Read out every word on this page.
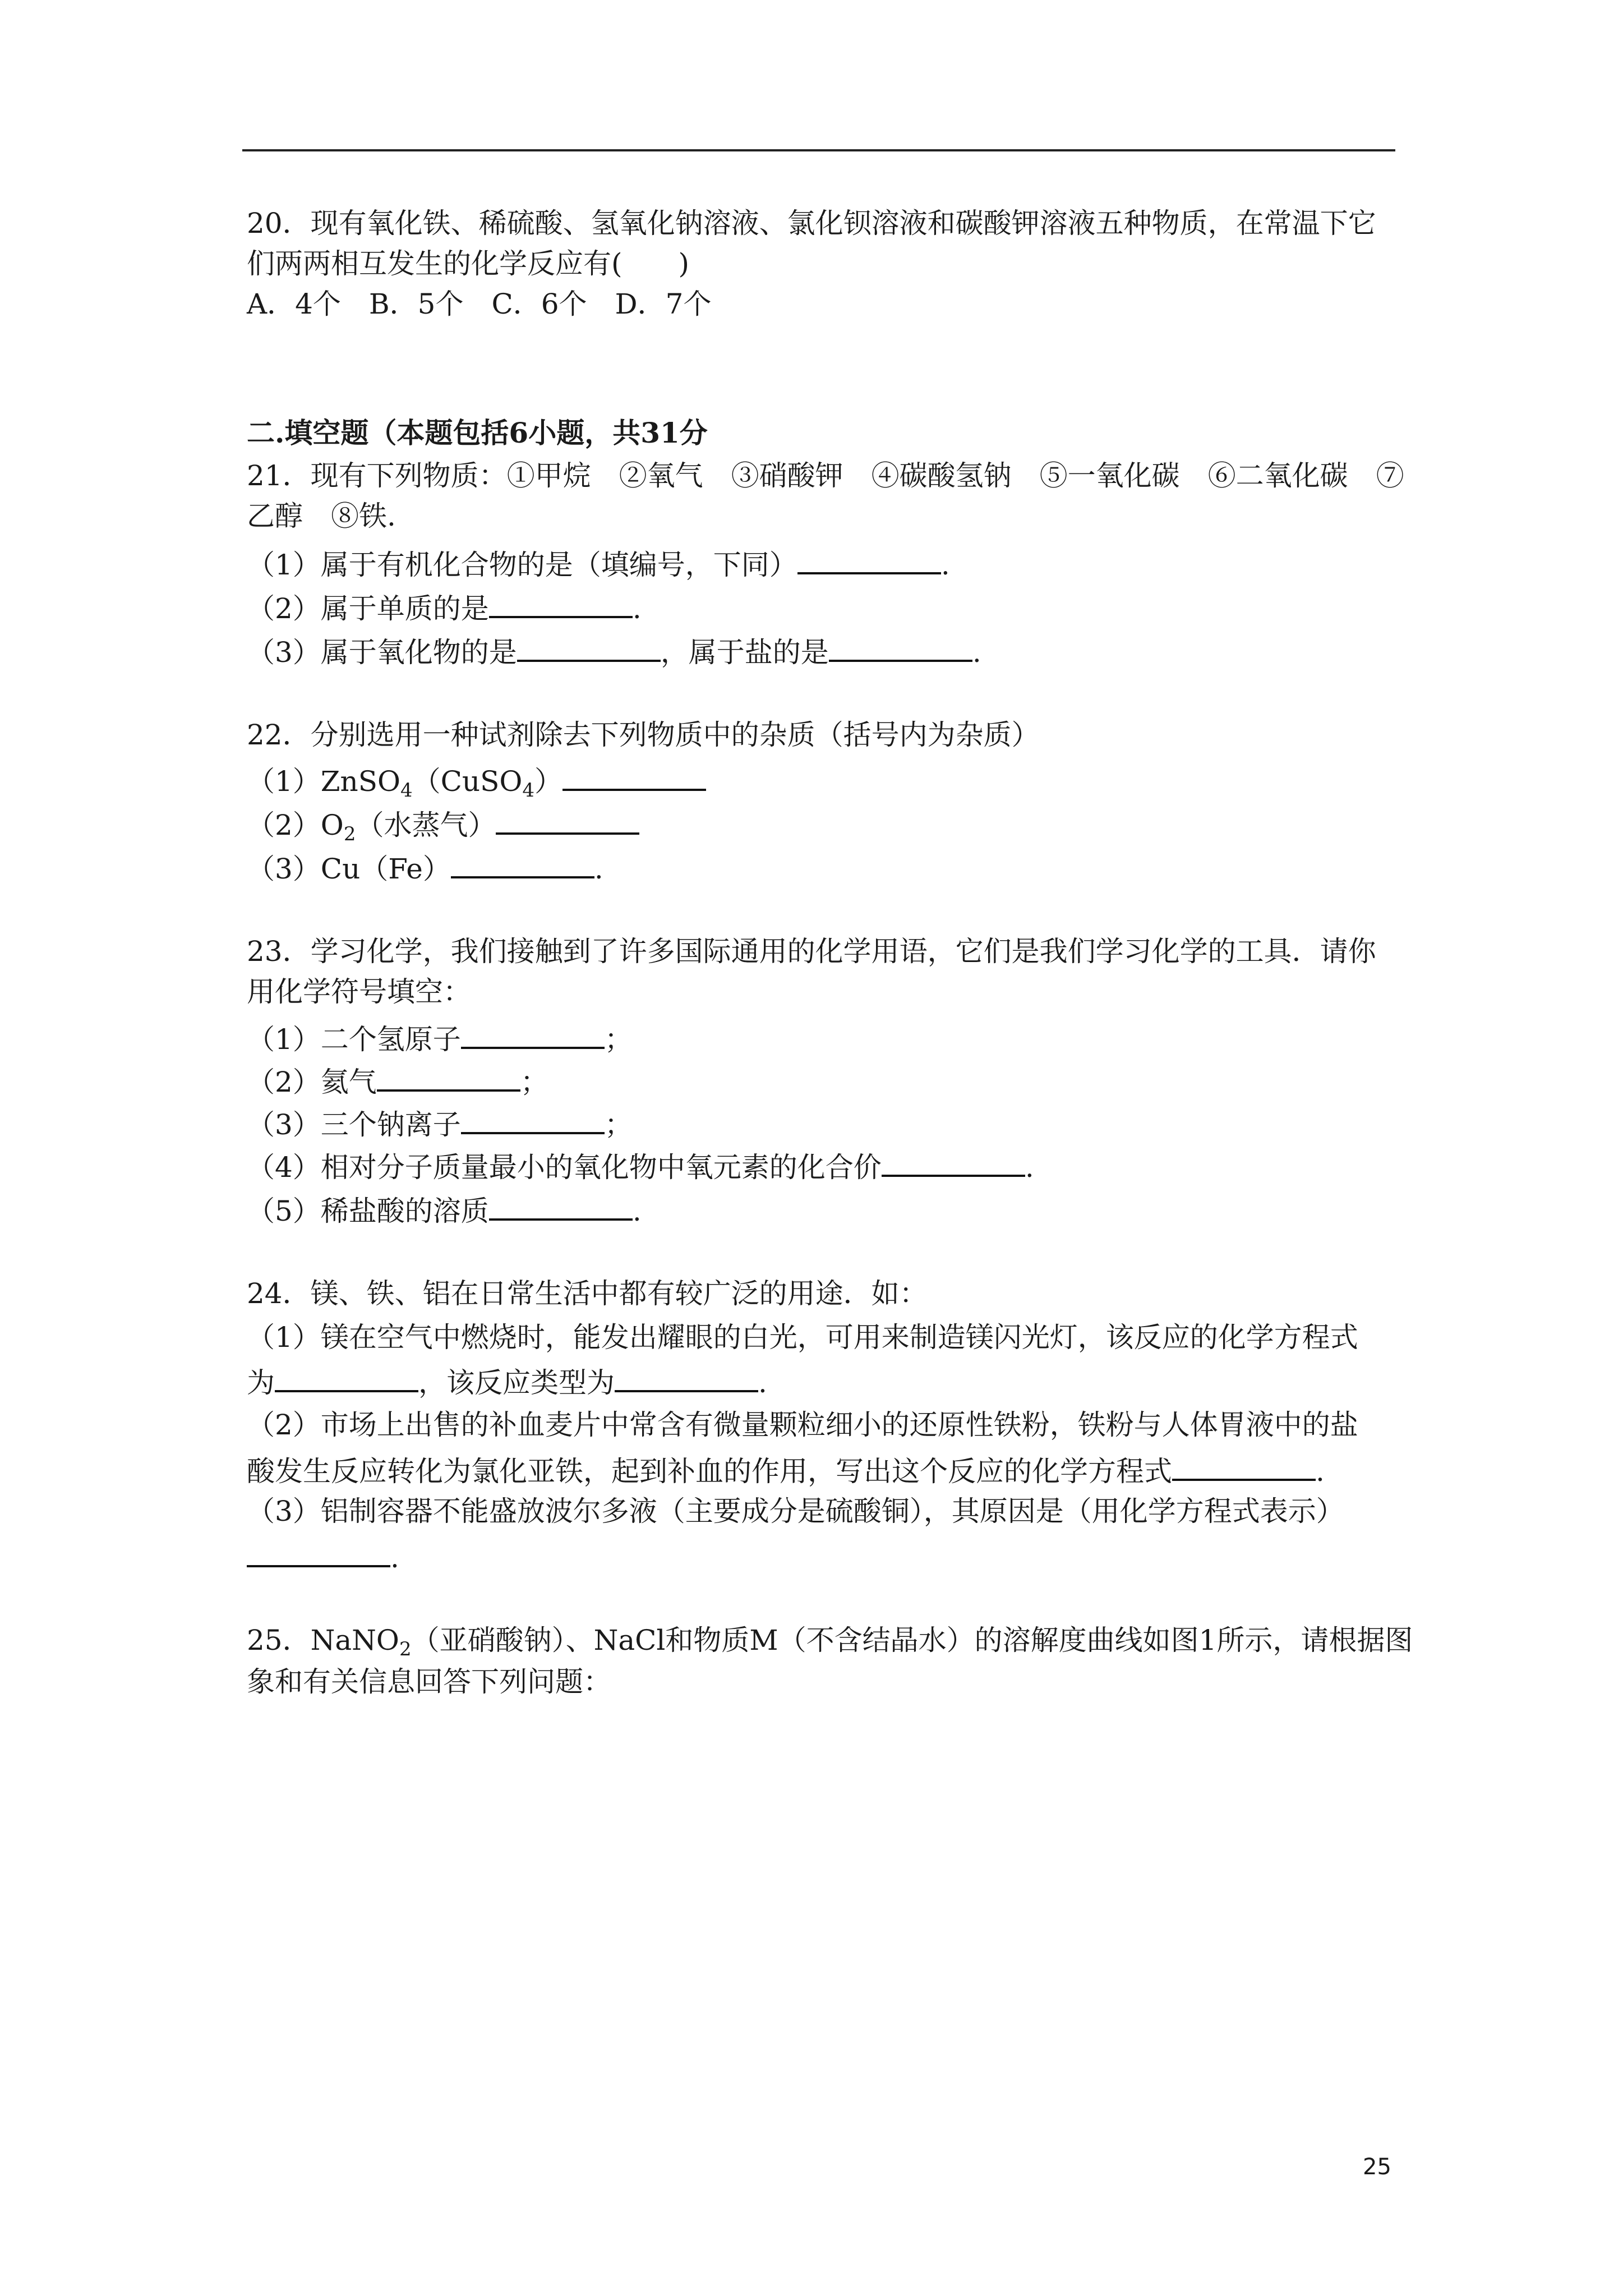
20．现有氧化铁、稀硫酸、氢氧化钠溶液、氯化钡溶液和碳酸钾溶液五种物质，在常温下它
们两两相互发生的化学反应有(　　)
A．4个　B．5个　C．6个　D．7个
二.填空题（本题包括6小题，共31分
21．现有下列物质：①甲烷　②氧气　③硝酸钾　④碳酸氢钠　⑤一氧化碳　⑥二氧化碳　⑦
乙醇　⑧铁.
（1）属于有机化合物的是（填编号，下同）	.
（2）属于单质的是	.
（3）属于氧化物的是	，属于盐的是	.
22．分别选用一种试剂除去下列物质中的杂质（括号内为杂质）
（1）ZnSO$_4$（CuSO$_4$）
$(2)O_2$（水蒸气）
（3）Cu（Fe）	.
23．学习化学，我们接触到了许多国际通用的化学用语，它们是我们学习化学的工具．请你
用化学符号填空：
（1）二个氢原子	；
（2）氦气	；
（3）三个钠离子	；
（4）相对分子质量最小的氧化物中氧元素的化合价	.
（5）稀盐酸的溶质	.
24．镁、铁、铝在日常生活中都有较广泛的用途．如：
（1）镁在空气中燃烧时，能发出耀眼的白光，可用来制造镁闪光灯，该反应的化学方程式
为	，该反应类型为	.
（2）市场上出售的补血麦片中常含有微量颗粒细小的还原性铁粉，铁粉与人体胃液中的盐
酸发生反应转化为氯化亚铁，起到补血的作用，写出这个反应的化学方程式	.
（3）铝制容器不能盛放波尔多液（主要成分是硫酸铜），其原因是（用化学方程式表示）
.
25．NaNO$_2$（亚硝酸钠）、NaCl和物质M（不含结晶水）的溶解度曲线如图1所示，请根据图
象和有关信息回答下列问题：
25
